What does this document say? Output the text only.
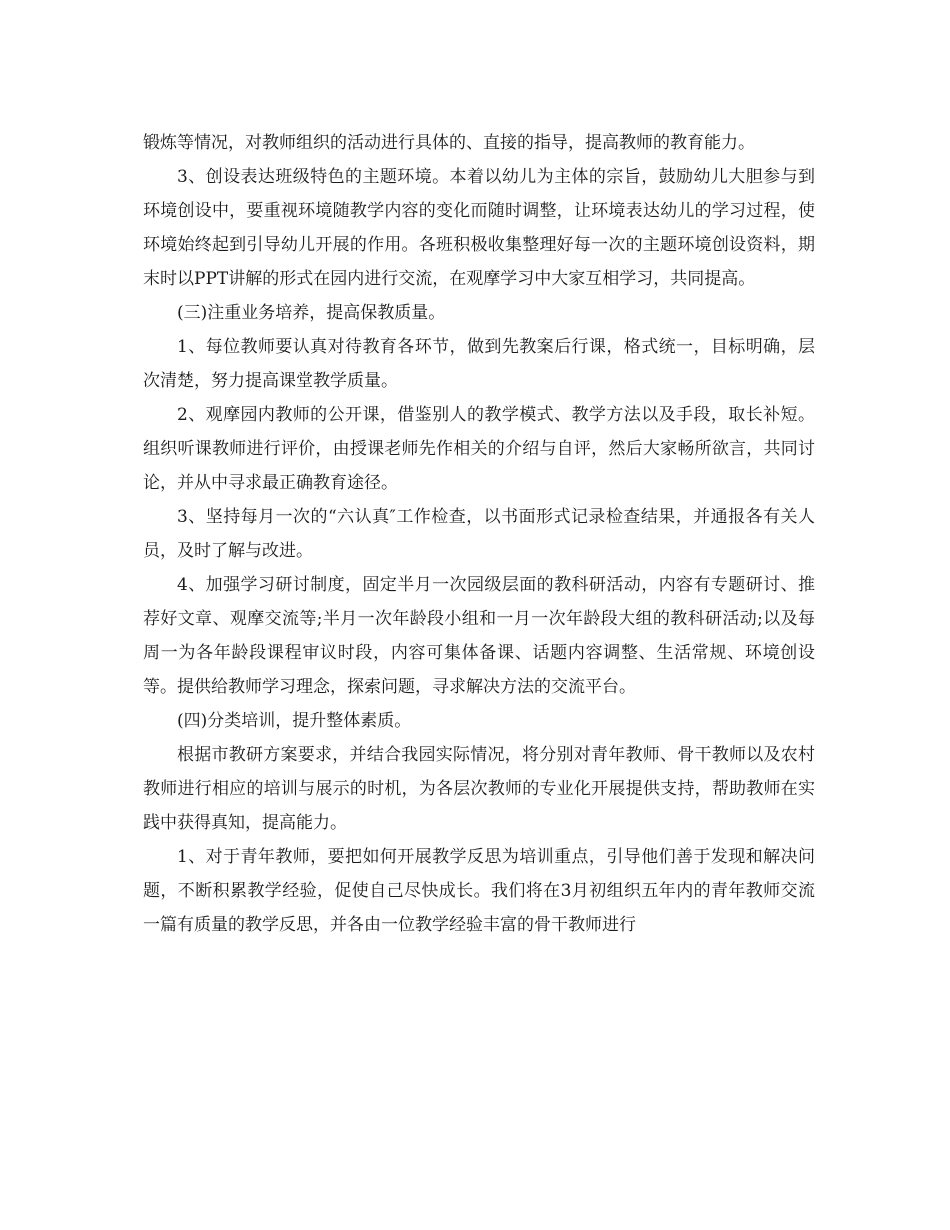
锻炼等情况，对教师组织的活动进行具体的、直接的指导，提高教师的教育能力。

3、创设表达班级特色的主题环境。本着以幼儿为主体的宗旨，鼓励幼儿大胆参与到环境创设中，要重视环境随教学内容的变化而随时调整，让环境表达幼儿的学习过程，使环境始终起到引导幼儿开展的作用。各班积极收集整理好每一次的主题环境创设资料，期末时以PPT讲解的形式在园内进行交流，在观摩学习中大家互相学习，共同提高。

(三)注重业务培养，提高保教质量。

1、每位教师要认真对待教育各环节，做到先教案后行课，格式统一，目标明确，层次清楚，努力提高课堂教学质量。

2、观摩园内教师的公开课，借鉴别人的教学模式、教学方法以及手段，取长补短。组织听课教师进行评价，由授课老师先作相关的介绍与自评，然后大家畅所欲言，共同讨论，并从中寻求最正确教育途径。

3、坚持每月一次的“六认真″工作检查，以书面形式记录检查结果，并通报各有关人员，及时了解与改进。

4、加强学习研讨制度，固定半月一次园级层面的教科研活动，内容有专题研讨、推荐好文章、观摩交流等;半月一次年龄段小组和一月一次年龄段大组的教科研活动;以及每周一为各年龄段课程审议时段，内容可集体备课、话题内容调整、生活常规、环境创设等。提供给教师学习理念，探索问题，寻求解决方法的交流平台。

(四)分类培训，提升整体素质。

根据市教研方案要求，并结合我园实际情况，将分别对青年教师、骨干教师以及农村教师进行相应的培训与展示的时机，为各层次教师的专业化开展提供支持，帮助教师在实践中获得真知，提高能力。

1、对于青年教师，要把如何开展教学反思为培训重点，引导他们善于发现和解决问题，不断积累教学经验，促使自己尽快成长。我们将在3月初组织五年内的青年教师交流一篇有质量的教学反思，并各由一位教学经验丰富的骨干教师进行
